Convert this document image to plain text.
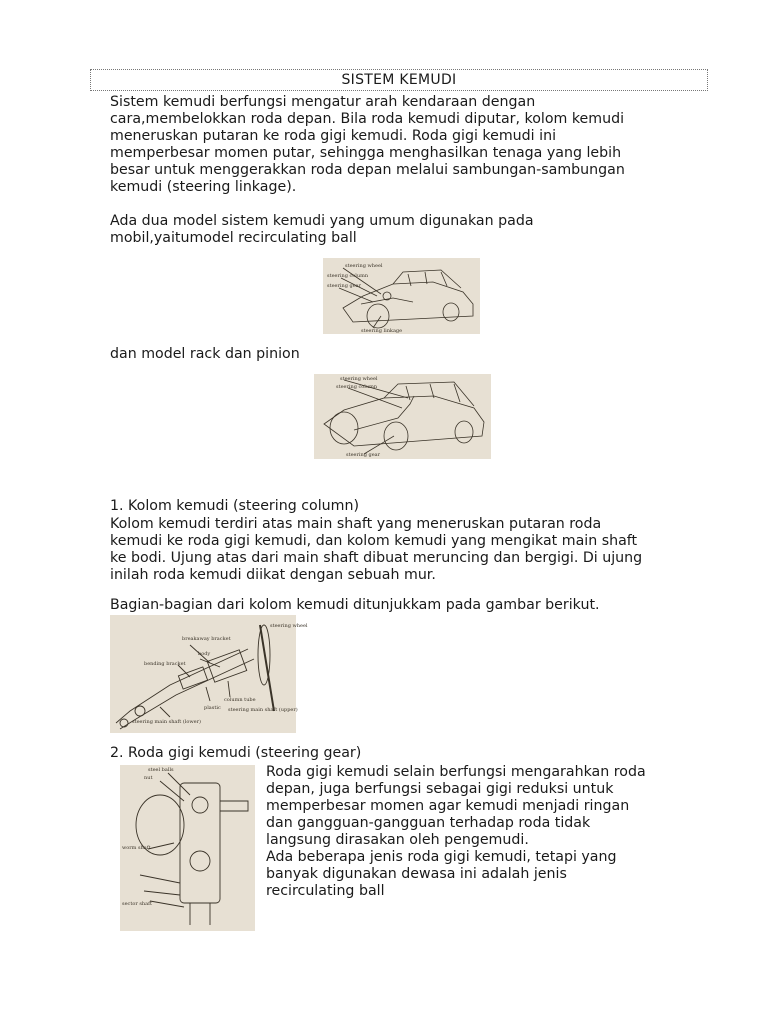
SISTEM KEMUDI

Sistem kemudi berfungsi mengatur arah kendaraan dengan
cara,membelokkan roda depan. Bila roda kemudi diputar, kolom kemudi
meneruskan putaran ke roda gigi kemudi. Roda gigi kemudi ini
memperbesar momen putar, sehingga menghasilkan tenaga yang lebih
besar untuk menggerakkan roda depan melalui sambungan-sambungan
kemudi (steering linkage).

Ada dua model sistem kemudi yang umum digunakan pada
mobil,yaitumodel recirculating ball

steering wheel
steering column
steering gear
steering linkage

dan model rack dan pinion

steering wheel
steering column
steering gear

1. Kolom kemudi (steering column)

Kolom kemudi terdiri atas main shaft yang meneruskan putaran roda
kemudi ke roda gigi kemudi, dan kolom kemudi yang mengikat main shaft
ke bodi. Ujung atas dari main shaft dibuat meruncing dan bergigi. Di ujung
inilah roda kemudi diikat dengan sebuah mur.

Bagian-bagian dari kolom kemudi ditunjukkam pada gambar berikut.

breakaway bracket
body
bending bracket
column tube
plastic steering main shaft (upper)
steering main shaft (lower)
steering wheel

2. Roda gigi kemudi (steering gear)

steel balls
nut
worm shaft
sector shaft

Roda gigi kemudi selain berfungsi mengarahkan roda
depan, juga berfungsi sebagai gigi reduksi untuk
memperbesar momen agar kemudi menjadi ringan
dan gangguan-gangguan terhadap roda tidak
langsung dirasakan oleh pengemudi.
Ada beberapa jenis roda gigi kemudi, tetapi yang
banyak digunakan dewasa ini adalah jenis
recirculating ball
